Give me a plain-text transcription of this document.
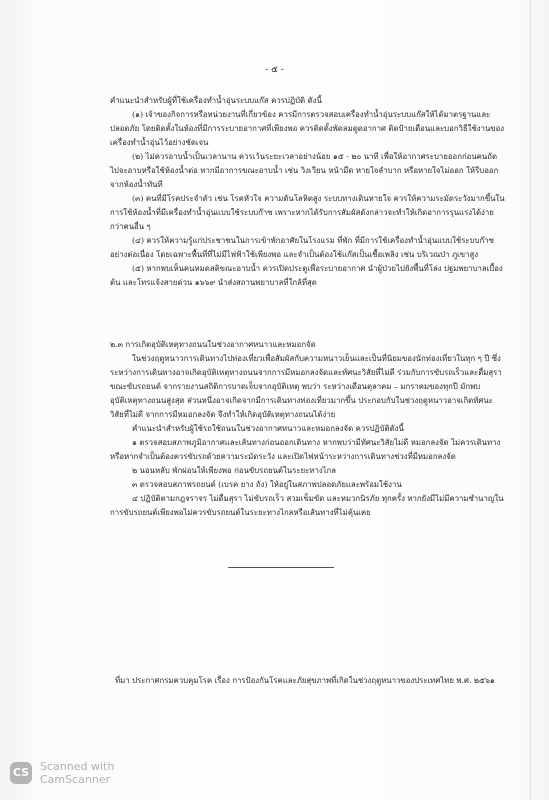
- ๕ -

คำแนะนำสำหรับผู้ที่ใช้เครื่องทำน้ำอุ่นระบบแก๊ส ควรปฏิบัติ ดังนี้

(๑) เจ้าของกิจการหรือหน่วยงานที่เกี่ยวข้อง ควรมีการตรวจสอบเครื่องทำน้ำอุ่นระบบแก๊สให้ได้มาตรฐานและปลอดภัย โดยติดตั้งในห้องที่มีการระบายอากาศที่เพียงพอ ควรติดตั้งพัดลมดูดอากาศ ติดป้ายเตือนและบอกวิธีใช้งานของเครื่องทำน้ำอุ่นไว้อย่างชัดเจน

(๒) ไม่ควรอาบน้ำเป็นเวลานาน ควรเว้นระยะเวลาอย่างน้อย ๑๕ - ๒๐ นาที เพื่อให้อากาศระบายออกก่อนคนถัดไปจะอาบหรือใช้ห้องน้ำต่อ หากมีอาการขณะอาบน้ำ เช่น วิงเวียน หน้ามืด หายใจลำบาก หรือหายใจไม่ออก ให้รีบออกจากห้องน้ำทันที

(๓) คนที่มีโรคประจำตัว เช่น โรคหัวใจ ความดันโลหิตสูง ระบบทางเดินหายใจ ควรให้ความระมัดระวังมากขึ้นในการใช้ห้องน้ำที่มีเครื่องทำน้ำอุ่นแบบใช้ระบบก๊าซ เพราะหากได้รับการสัมผัสดังกล่าวจะทำให้เกิดอาการรุนแรงได้ง่ายกว่าคนอื่น ๆ

(๔) ควรให้ความรู้แก่ประชาชนในการเข้าพักอาศัยในโรงแรม ที่พัก ที่มีการใช้เครื่องทำน้ำอุ่นแบบใช้ระบบก๊าซ อย่างต่อเนื่อง โดยเฉพาะพื้นที่ที่ไม่มีไฟฟ้าใช้เพียงพอ และจำเป็นต้องใช้แก๊สเป็นเชื้อเพลิง เช่น บริเวณป่า ภูเขาสูง

(๕) หากพบเห็นคนหมดสติขณะอาบน้ำ ควรเปิดประตูเพื่อระบายอากาศ นำผู้ป่วยไปยังพื้นที่โล่ง ปฐมพยาบาลเบื้องต้น และโทรแจ้งสายด่วน ๑๖๖๙ นำส่งสถานพยาบาลที่ใกล้ที่สุด

๒.๓ การเกิดอุบัติเหตุทางถนนในช่วงอากาศหนาวและหมอกจัด

ในช่วงฤดูหนาวการเดินทางไปท่องเที่ยวเพื่อสัมผัสกับความหนาวเย็นและเป็นที่นิยมของนักท่องเที่ยวในทุก ๆ ปี ซึ่งระหว่างการเดินทางอาจเกิดอุบัติเหตุทางถนนจากการมีหมอกลงจัดและทัศนะวิสัยที่ไม่ดี ร่วมกับการขับรถเร็วและดื่มสุราขณะขับรถยนต์ จากรายงานสถิติการบาดเจ็บจากอุบัติเหตุ พบว่า ระหว่างเดือนตุลาคม – มกราคมของทุกปี มักพบอุบัติเหตุทางถนนสูงสุด ส่วนหนึ่งอาจเกิดจากมีการเดินทางท่องเที่ยวมากขึ้น ประกอบกับในช่วงฤดูหนาวอาจเกิดทัศนะวิสัยที่ไม่ดี จากการมีหมอกลงจัด จึงทำให้เกิดอุบัติเหตุทางถนนได้ง่าย

คำแนะนำสำหรับผู้ใช้รถใช้ถนนในช่วงอากาศหนาวและหมอกลงจัด ควรปฏิบัติดังนี้

๑ ตรวจสอบสภาพภูมิอากาศและเส้นทางก่อนออกเดินทาง หากพบว่ามีทัศนะวิสัยไม่ดี หมอกลงจัด ไม่ควรเดินทาง หรือหากจำเป็นต้องควรขับรถด้วยความระมัดระวัง และเปิดไฟหน้าระหว่างการเดินทางช่วงที่มีหมอกลงจัด

๒ นอนหลับ พักผ่อนให้เพียงพอ ก่อนขับรถยนต์ในระยะทางไกล

๓ ตรวจสอบสภาพรถยนต์ (เบรค ยาง ถัง) ให้อยู่ในสภาพปลอดภัยและพร้อมใช้งาน

๔ ปฏิบัติตามกฎจราจร ไม่ดื่มสุรา ไม่ขับรถเร็ว สวมเข็มขัด และหมวกนิรภัย ทุกครั้ง หากยังมีไม่มีความชำนาญในการขับรถยนต์เพียงพอไม่ควรขับรถยนต์ในระยะทางไกลหรือเส้นทางที่ไม่คุ้นเคย

ที่มา ประกาศกรมควบคุมโรค เรื่อง การป้องกันโรคและภัยสุขภาพที่เกิดในช่วงฤดูหนาวของประเทศไทย พ.ศ. ๒๕๖๑
CS Scanned with
CamScanner
